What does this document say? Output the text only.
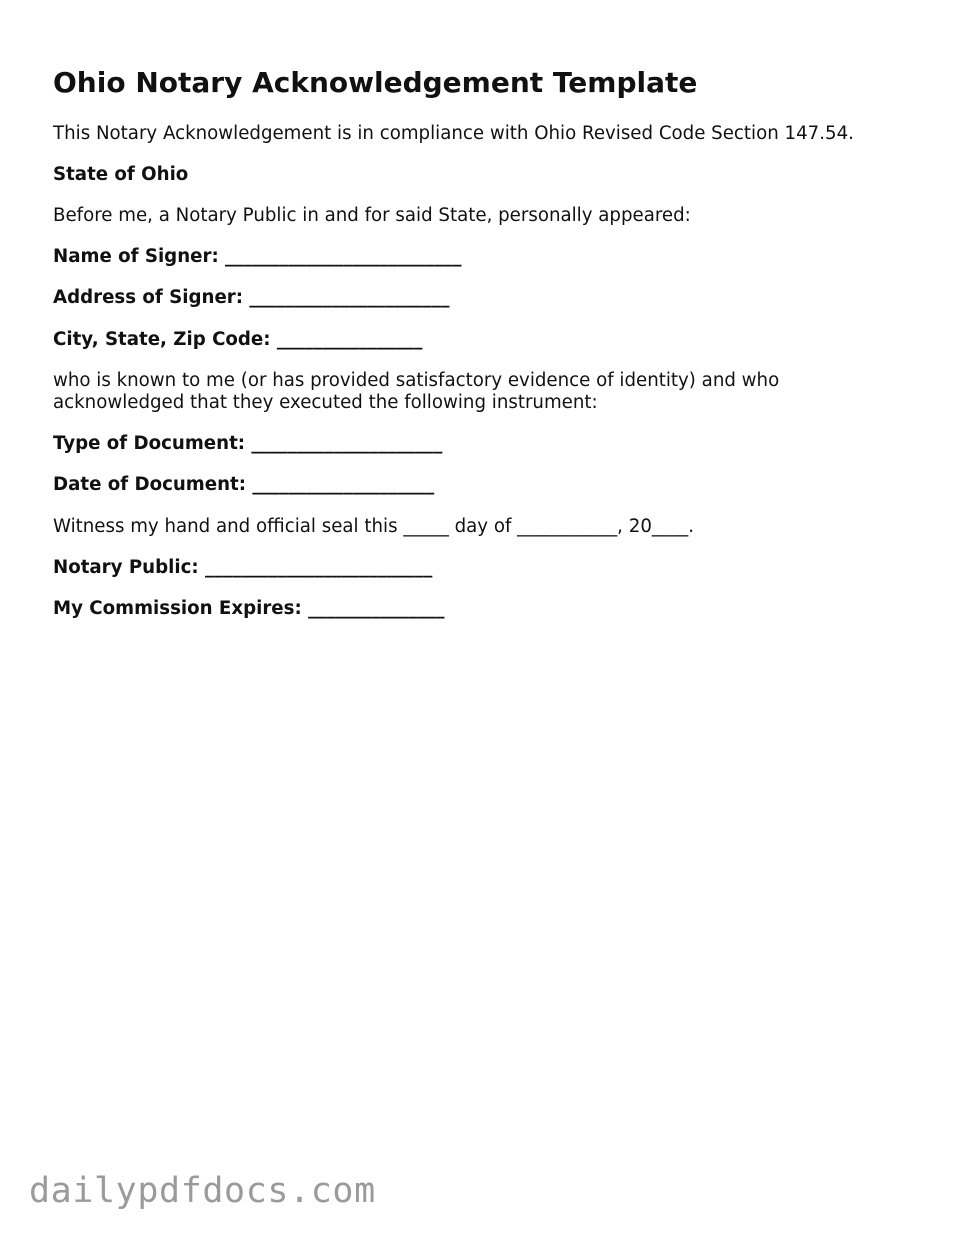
Ohio Notary Acknowledgement Template

This Notary Acknowledgement is in compliance with Ohio Revised Code Section 147.54.

State of Ohio

Before me, a Notary Public in and for said State, personally appeared:

Name of Signer: __________________________

Address of Signer: ______________________

City, State, Zip Code: ________________

who is known to me (or has provided satisfactory evidence of identity) and who acknowledged that they executed the following instrument:

Type of Document: _____________________

Date of Document: ____________________

Witness my hand and official seal this _____ day of ___________, 20____.

Notary Public: _________________________

My Commission Expires: _______________

dailypdfdocs.com
